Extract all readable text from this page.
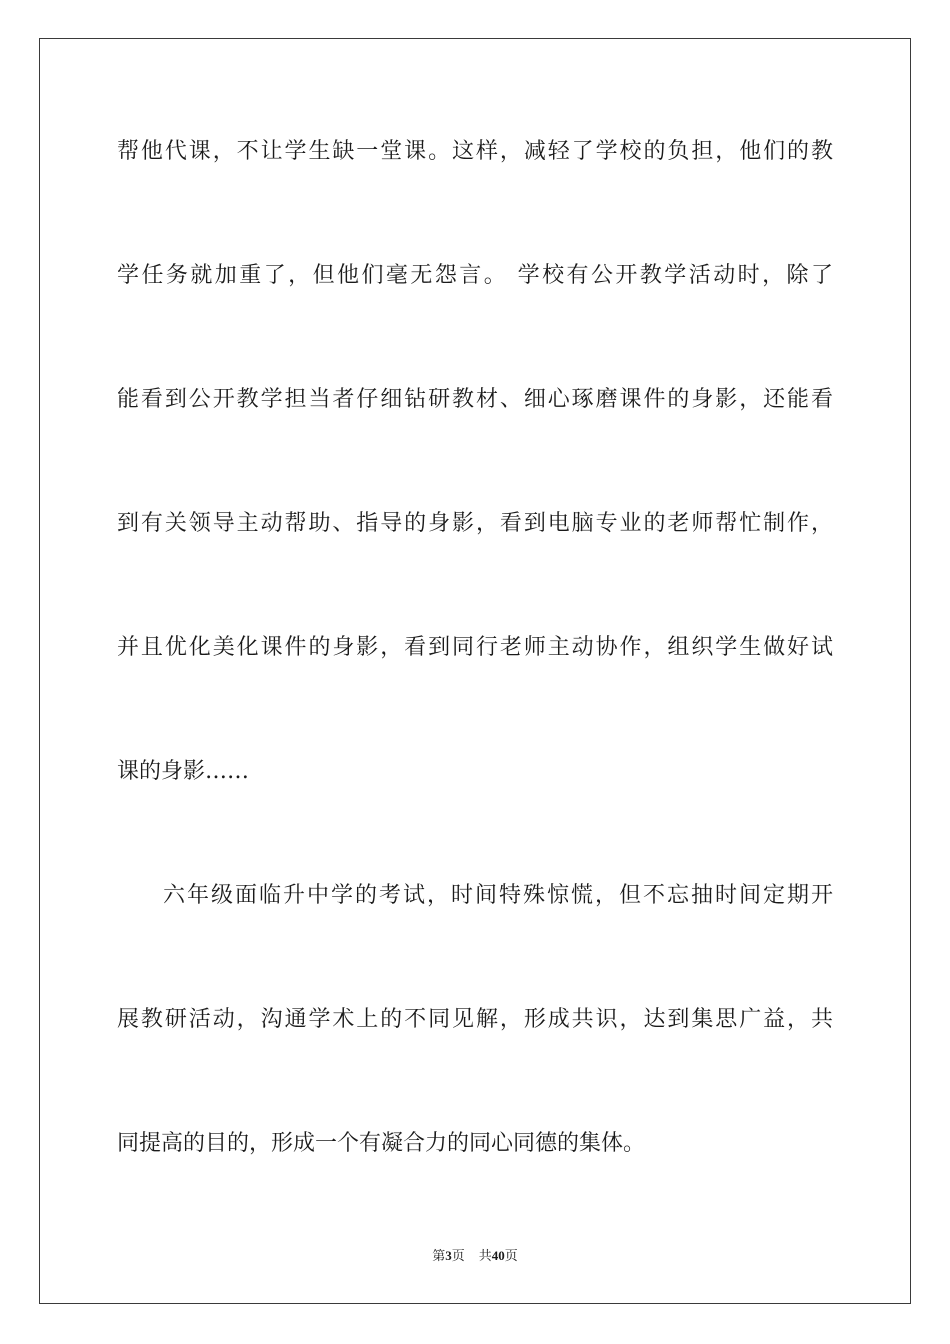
帮他代课，不让学生缺一堂课。这样，减轻了学校的负担，他们的教
学任务就加重了，但他们毫无怨言。 学校有公开教学活动时，除了
能看到公开教学担当者仔细钻研教材、细心琢磨课件的身影，还能看
到有关领导主动帮助、指导的身影，看到电脑专业的老师帮忙制作，
并且优化美化课件的身影，看到同行老师主动协作，组织学生做好试
课的身影……
六年级面临升中学的考试，时间特殊惊慌，但不忘抽时间定期开
展教研活动，沟通学术上的不同见解，形成共识，达到集思广益，共
同提高的目的，形成一个有凝合力的同心同德的集体。
第3页 共40页
